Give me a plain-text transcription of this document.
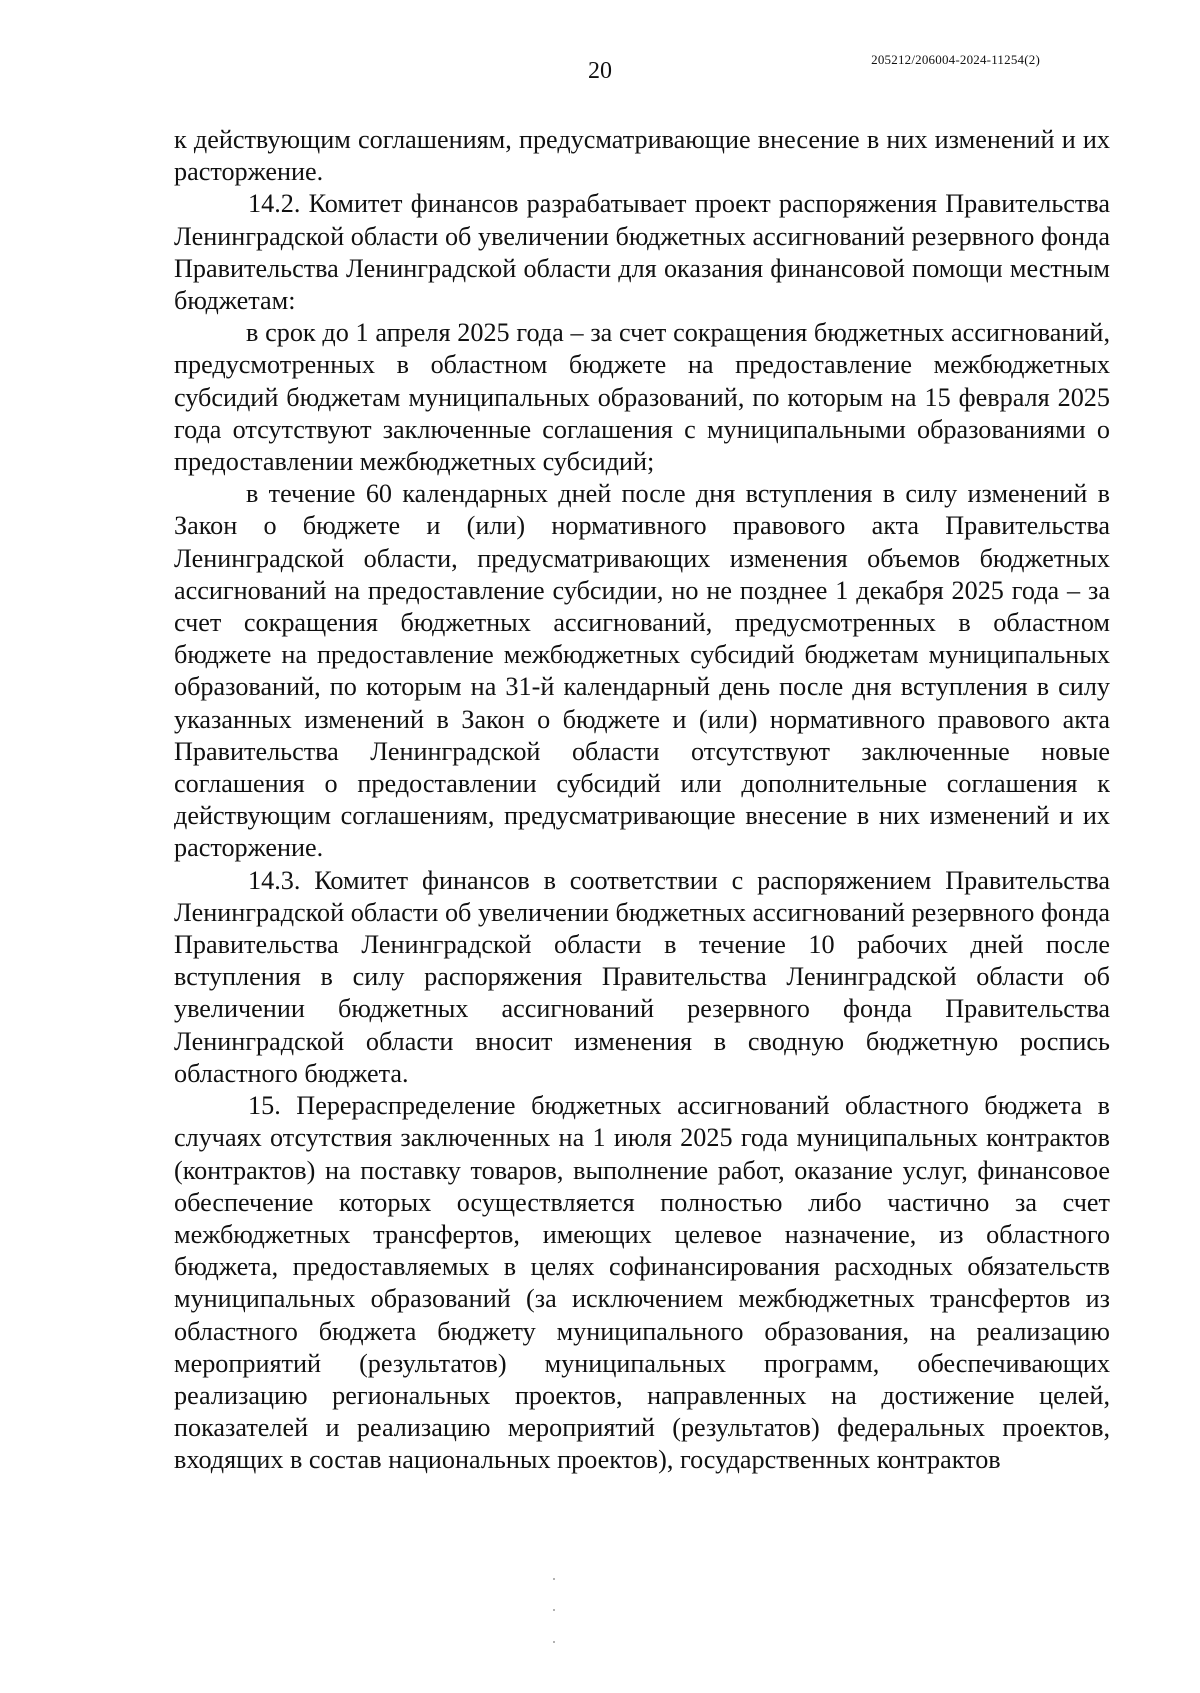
205212/206004-2024-11254(2)
20

к действующим соглашениям, предусматривающие внесение в них изменений и их расторжение.

14.2. Комитет финансов разрабатывает проект распоряжения Правительства Ленинградской области об увеличении бюджетных ассигнований резервного фонда Правительства Ленинградской области для оказания финансовой помощи местным бюджетам:

в срок до 1 апреля 2025 года – за счет сокращения бюджетных ассигнований, предусмотренных в областном бюджете на предоставление межбюджетных субсидий бюджетам муниципальных образований, по которым на 15 февраля 2025 года отсутствуют заключенные соглашения с муниципальными образованиями о предоставлении межбюджетных субсидий;

в течение 60 календарных дней после дня вступления в силу изменений в Закон о бюджете и (или) нормативного правового акта Правительства Ленинградской области, предусматривающих изменения объемов бюджетных ассигнований на предоставление субсидии, но не позднее 1 декабря 2025 года – за счет сокращения бюджетных ассигнований, предусмотренных в областном бюджете на предоставление межбюджетных субсидий бюджетам муниципальных образований, по которым на 31-й календарный день после дня вступления в силу указанных изменений в Закон о бюджете и (или) нормативного правового акта Правительства Ленинградской области отсутствуют заключенные новые соглашения о предоставлении субсидий или дополнительные соглашения к действующим соглашениям, предусматривающие внесение в них изменений и их расторжение.

14.3. Комитет финансов в соответствии с распоряжением Правительства Ленинградской области об увеличении бюджетных ассигнований резервного фонда Правительства Ленинградской области в течение 10 рабочих дней после вступления в силу распоряжения Правительства Ленинградской области об увеличении бюджетных ассигнований резервного фонда Правительства Ленинградской области вносит изменения в сводную бюджетную роспись областного бюджета.

15. Перераспределение бюджетных ассигнований областного бюджета в случаях отсутствия заключенных на 1 июля 2025 года муниципальных контрактов (контрактов) на поставку товаров, выполнение работ, оказание услуг, финансовое обеспечение которых осуществляется полностью либо частично за счет межбюджетных трансфертов, имеющих целевое назначение, из областного бюджета, предоставляемых в целях софинансирования расходных обязательств муниципальных образований (за исключением межбюджетных трансфертов из областного бюджета бюджету муниципального образования, на реализацию мероприятий (результатов) муниципальных программ, обеспечивающих реализацию региональных проектов, направленных на достижение целей, показателей и реализацию мероприятий (результатов) федеральных проектов, входящих в состав национальных проектов), государственных контрактов
